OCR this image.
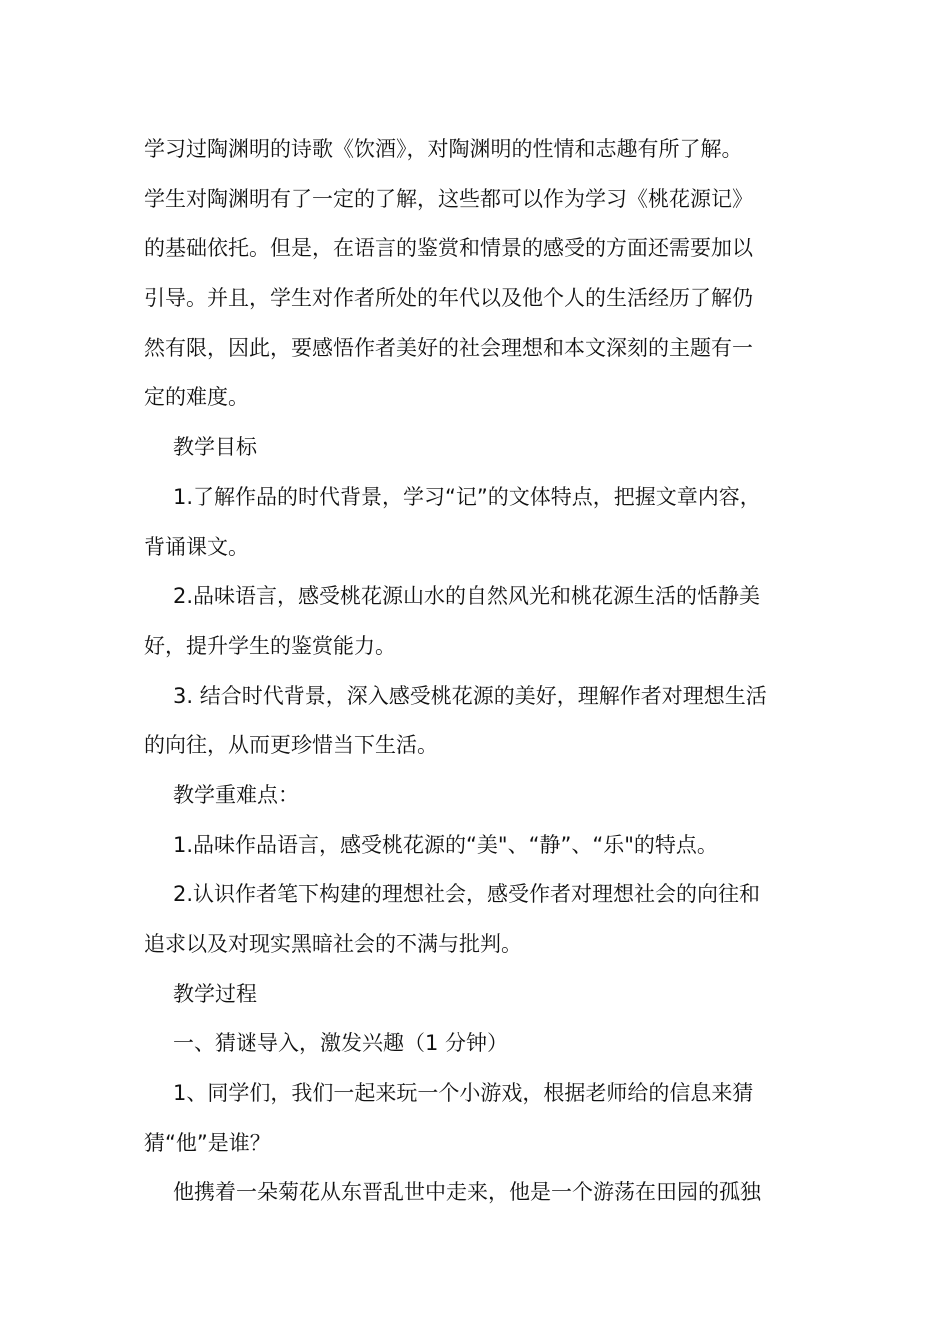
学习过陶渊明的诗歌《饮酒》，对陶渊明的性情和志趣有所了解。
学生对陶渊明有了一定的了解，这些都可以作为学习《桃花源记》
的基础依托。但是，在语言的鉴赏和情景的感受的方面还需要加以
引导。并且，学生对作者所处的年代以及他个人的生活经历了解仍
然有限，因此，要感悟作者美好的社会理想和本文深刻的主题有一
定的难度。
教学目标
1.了解作品的时代背景，学习“记”的文体特点，把握文章内容，
背诵课文。
2.品味语言，感受桃花源山水的自然风光和桃花源生活的恬静美
好，提升学生的鉴赏能力。
3. 结合时代背景，深入感受桃花源的美好，理解作者对理想生活
的向往，从而更珍惜当下生活。
教学重难点：
1.品味作品语言，感受桃花源的“美"、“静”、“乐"的特点。
2.认识作者笔下构建的理想社会，感受作者对理想社会的向往和
追求以及对现实黑暗社会的不满与批判。
教学过程
一、猜谜导入，激发兴趣（1 分钟）
1、同学们，我们一起来玩一个小游戏，根据老师给的信息来猜
猜“他”是谁？
他携着一朵菊花从东晋乱世中走来，他是一个游荡在田园的孤独
